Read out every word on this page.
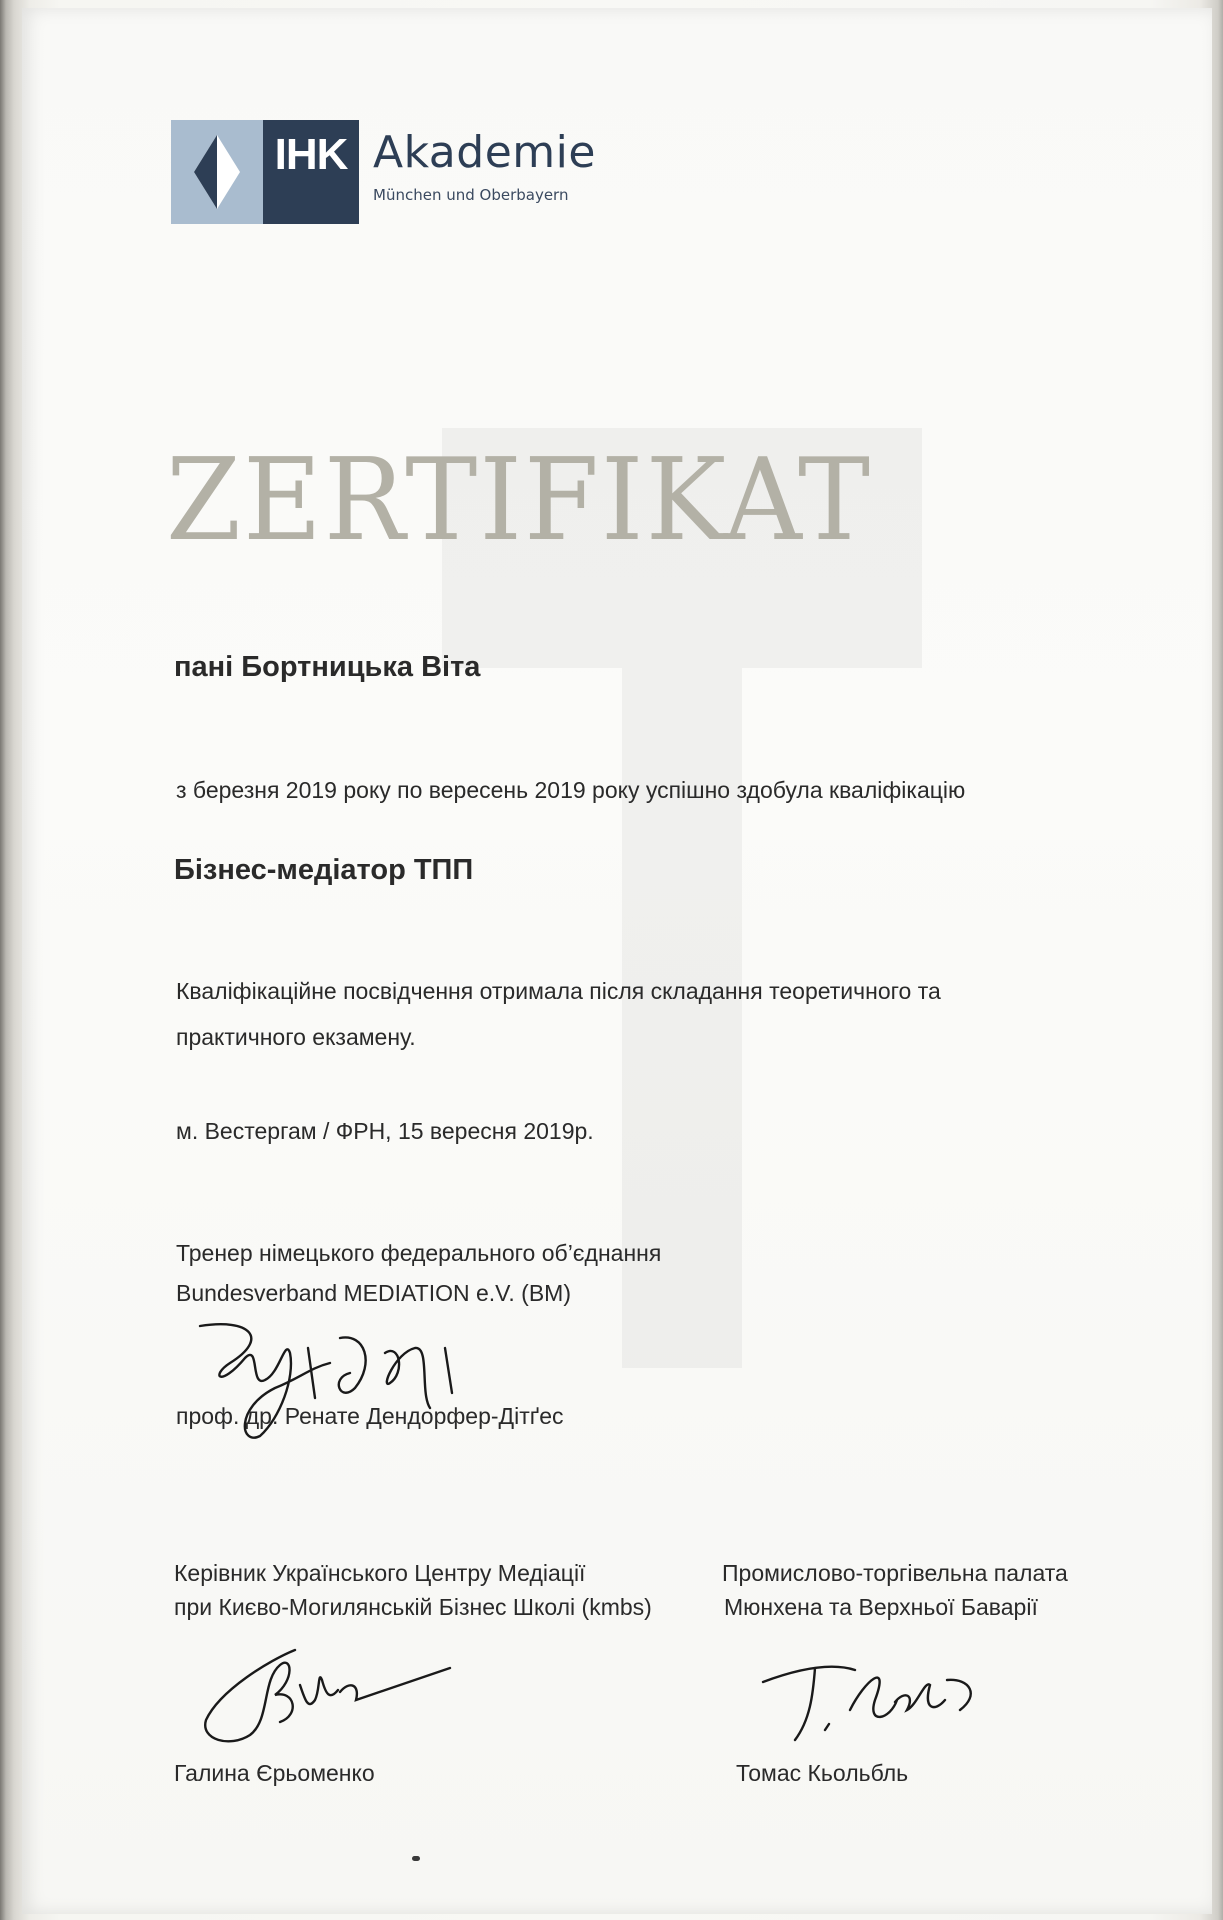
IHK Akademie
München und Oberbayern
ZERTIFIKAT
пані Бортницька Віта
з березня 2019 року по вересень 2019 року успішно здобула кваліфікацію
Бізнес-медіатор ТПП
Кваліфікаційне посвідчення отримала після складання теоретичного та
практичного екзамену.
м. Вестергам / ФРН, 15 вересня 2019р.
Тренер німецького федерального об’єднання
Bundesverband MEDIATION e.V. (BM)
проф. др. Ренате Дендорфер-Дітґес
Керівник Українського Центру Медіації
при Києво-Могилянській Бізнес Школі (kmbs)
Промислово-торгівельна палата
Мюнхена та Верхньої Баварії
Галина Єрьоменко	Томас Кьольбль
